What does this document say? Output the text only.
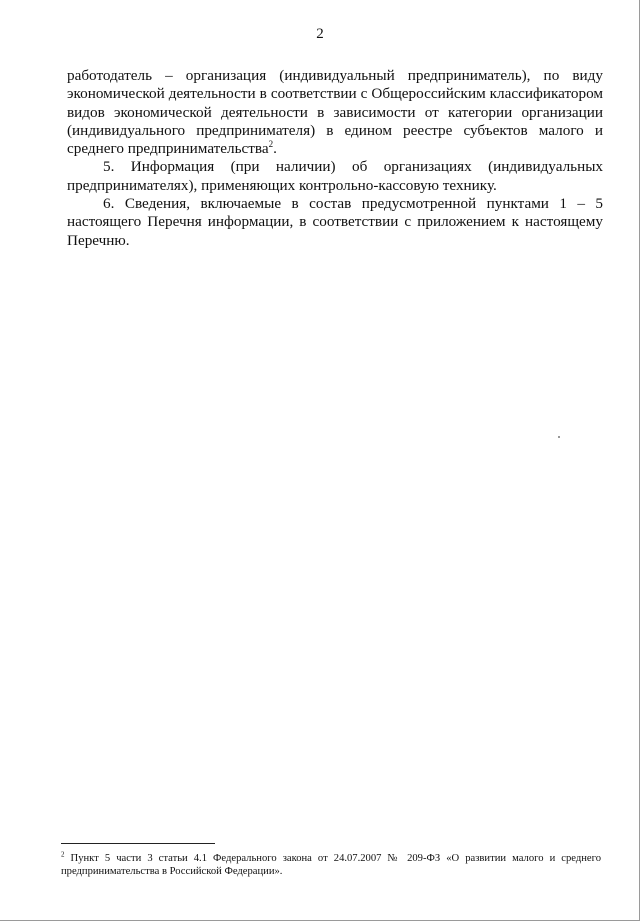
2

работодатель – организация (индивидуальный предприниматель), по виду экономической деятельности в соответствии с Общероссийским классификатором видов экономической деятельности в зависимости от категории организации (индивидуального предпринимателя) в едином реестре субъектов малого и среднего предпринимательства$^2$.

5. Информация (при наличии) об организациях (индивидуальных предпринимателях), применяющих контрольно-кассовую технику.

6. Сведения, включаемые в состав предусмотренной пунктами 1 – 5 настоящего Перечня информации, в соответствии с приложением к настоящему Перечню.

$^2$ Пункт 5 части 3 статьи 4.1 Федерального закона от 24.07.2007 № 209-ФЗ «О развитии малого и среднего предпринимательства в Российской Федерации».
